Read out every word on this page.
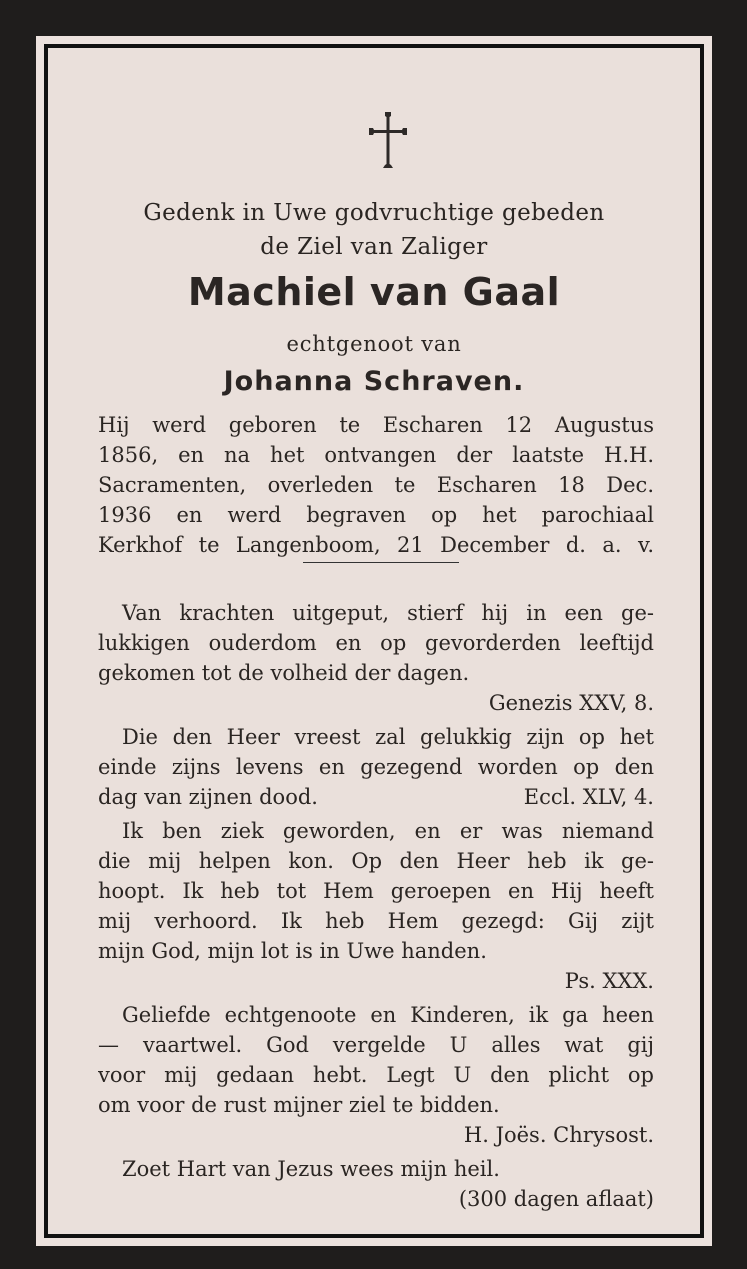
Gedenk in Uwe godvruchtige gebeden
de Ziel van Zaliger
Machiel van Gaal
echtgenoot van
Johanna Schraven.
Hij werd geboren te Escharen 12 Augustus
1856, en na het ontvangen der laatste H.H.
Sacramenten, overleden te Escharen 18 Dec.
1936 en werd begraven op het parochiaal
Kerkhof te Langenboom, 21 December d. a. v.
Van krachten uitgeput, stierf hij in een ge-
lukkigen ouderdom en op gevorderden leeftijd
gekomen tot de volheid der dagen.
Genezis XXV, 8.
Die den Heer vreest zal gelukkig zijn op het
einde zijns levens en gezegend worden op den
dag van zijnen dood.	Eccl. XLV, 4.
Ik ben ziek geworden, en er was niemand
die mij helpen kon. Op den Heer heb ik ge-
hoopt. Ik heb tot Hem geroepen en Hij heeft
mij verhoord. Ik heb Hem gezegd: Gij zijt
mijn God, mijn lot is in Uwe handen.
Ps. XXX.
Geliefde echtgenoote en Kinderen, ik ga heen
— vaartwel. God vergelde U alles wat gij
voor mij gedaan hebt. Legt U den plicht op
om voor de rust mijner ziel te bidden.
H. Joës. Chrysost.
Zoet Hart van Jezus wees mijn heil.
(300 dagen aflaat)
